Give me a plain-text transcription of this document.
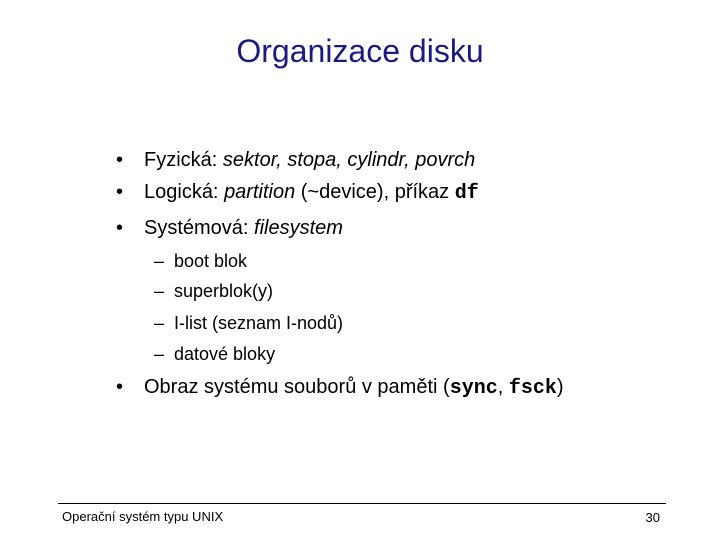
Organizace disku
• Fyzická: sektor, stopa, cylindr, povrch
• Logická: partition (~device), příkaz df
• Systémová: filesystem
– boot blok
– superblok(y)
– I-list (seznam I-nodů)
– datové bloky
• Obraz systému souborů v paměti (sync, fsck)
Operační systém typu UNIX	30
